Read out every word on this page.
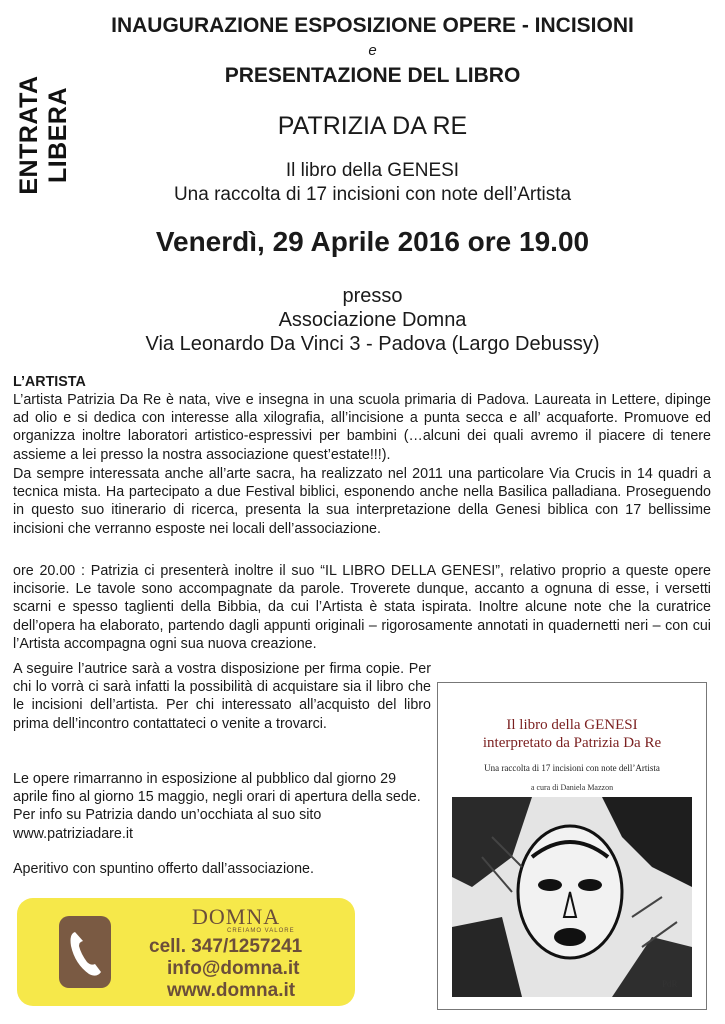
ENTRATA LIBERA
INAUGURAZIONE ESPOSIZIONE OPERE - INCISIONI
e
PRESENTAZIONE DEL LIBRO
PATRIZIA DA RE
Il libro della GENESI
Una raccolta di 17 incisioni con note dell’Artista
Venerdì, 29 Aprile 2016 ore 19.00
presso
Associazione Domna
Via Leonardo Da Vinci 3 - Padova (Largo Debussy)
L’ARTISTA
L’artista Patrizia Da Re è nata, vive e insegna in una scuola primaria di Padova. Laureata in Lettere, dipinge ad olio e si dedica con interesse alla xilografia, all’incisione a punta secca e all’ acquaforte. Promuove ed organizza inoltre laboratori artistico-espressivi per bambini (…alcuni dei quali avremo il piacere di tenere assieme a lei presso la nostra associazione quest’estate!!!).
Da sempre interessata anche all’arte sacra, ha realizzato nel 2011 una particolare Via Crucis in 14 quadri a tecnica mista. Ha partecipato a due Festival biblici, esponendo anche nella Basilica palladiana. Proseguendo in questo suo itinerario di ricerca, presenta la sua interpretazione della Genesi biblica con 17 bellissime incisioni che verranno esposte nei locali dell’associazione.
ore 20.00 : Patrizia ci presenterà inoltre il suo “IL LIBRO DELLA GENESI”, relativo proprio a queste opere incisorie. Le tavole sono accompagnate da parole. Troverete dunque, accanto a ognuna di esse, i versetti scarni e spesso taglienti della Bibbia, da cui l’Artista è stata ispirata. Inoltre alcune note che la curatrice dell’opera ha elaborato, partendo dagli appunti originali – rigorosamente annotati in quadernetti neri – con cui l’Artista accompagna ogni sua nuova creazione.
A seguire l’autrice sarà a vostra disposizione per firma copie. Per chi lo vorrà ci sarà infatti la possibilità di acquistare sia il libro che le incisioni dell’artista. Per chi interessato all’acquisto del libro prima dell’incontro contattateci o venite a trovarci.
Le opere rimarranno in esposizione al pubblico dal giorno 29 aprile fino al giorno 15 maggio, negli orari di apertura della sede. Per info su Patrizia dando un’occhiata al suo sito www.patriziadare.it
Aperitivo con spuntino offerto dall’associazione.
Il libro della GENESI
interpretato da Patrizia Da Re
Una raccolta di 17 incisioni con note dell’Artista
a cura di Daniela Mazzon
PdR
DOMNA
CREIAMO VALORE
cell. 347/1257241
info@domna.it
www.domna.it
